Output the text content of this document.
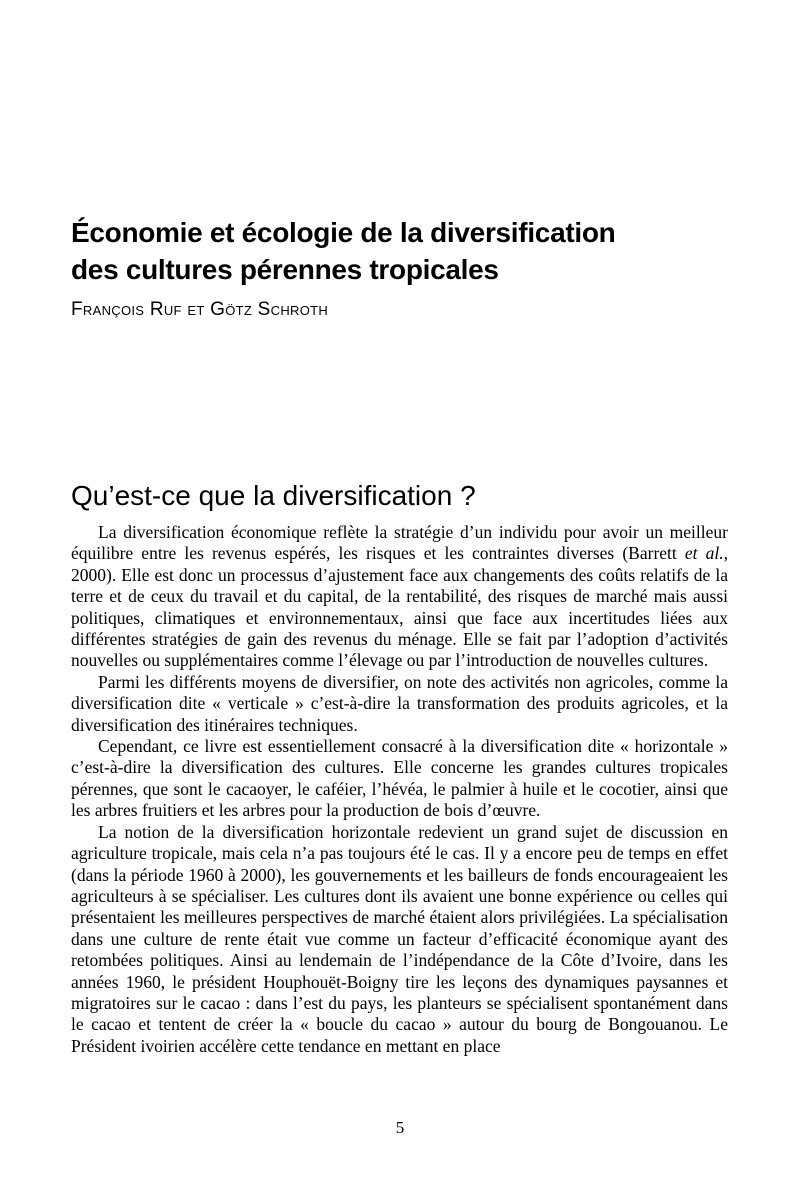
Économie et écologie de la diversification
des cultures pérennes tropicales
François Ruf et Götz Schroth
Qu’est-ce que la diversification ?

La diversification économique reflète la stratégie d’un individu pour avoir un meilleur équilibre entre les revenus espérés, les risques et les contraintes diverses (Barrett et al., 2000). Elle est donc un processus d’ajustement face aux changements des coûts relatifs de la terre et de ceux du travail et du capital, de la rentabilité, des risques de marché mais aussi politiques, climatiques et environnementaux, ainsi que face aux incertitudes liées aux différentes stratégies de gain des revenus du ménage. Elle se fait par l’adoption d’activités nouvelles ou supplémentaires comme l’élevage ou par l’introduction de nouvelles cultures.

Parmi les différents moyens de diversifier, on note des activités non agricoles, comme la diversification dite « verticale » c’est-à-dire la transformation des produits agricoles, et la diversification des itinéraires techniques.

Cependant, ce livre est essentiellement consacré à la diversification dite « horizontale » c’est-à-dire la diversification des cultures. Elle concerne les grandes cultures tropicales pérennes, que sont le cacaoyer, le caféier, l’hévéa, le palmier à huile et le cocotier, ainsi que les arbres fruitiers et les arbres pour la production de bois d’œuvre.

La notion de la diversification horizontale redevient un grand sujet de discussion en agriculture tropicale, mais cela n’a pas toujours été le cas. Il y a encore peu de temps en effet (dans la période 1960 à 2000), les gouvernements et les bailleurs de fonds encourageaient les agriculteurs à se spécialiser. Les cultures dont ils avaient une bonne expérience ou celles qui présentaient les meilleures perspectives de marché étaient alors privilégiées. La spécialisation dans une culture de rente était vue comme un facteur d’efficacité économique ayant des retombées politiques. Ainsi au lendemain de l’indépendance de la Côte d’Ivoire, dans les années 1960, le président Houphouët-Boigny tire les leçons des dynamiques paysannes et migratoires sur le cacao : dans l’est du pays, les planteurs se spécialisent spontanément dans le cacao et tentent de créer la « boucle du cacao » autour du bourg de Bongouanou. Le Président ivoirien accélère cette tendance en mettant en place

5
